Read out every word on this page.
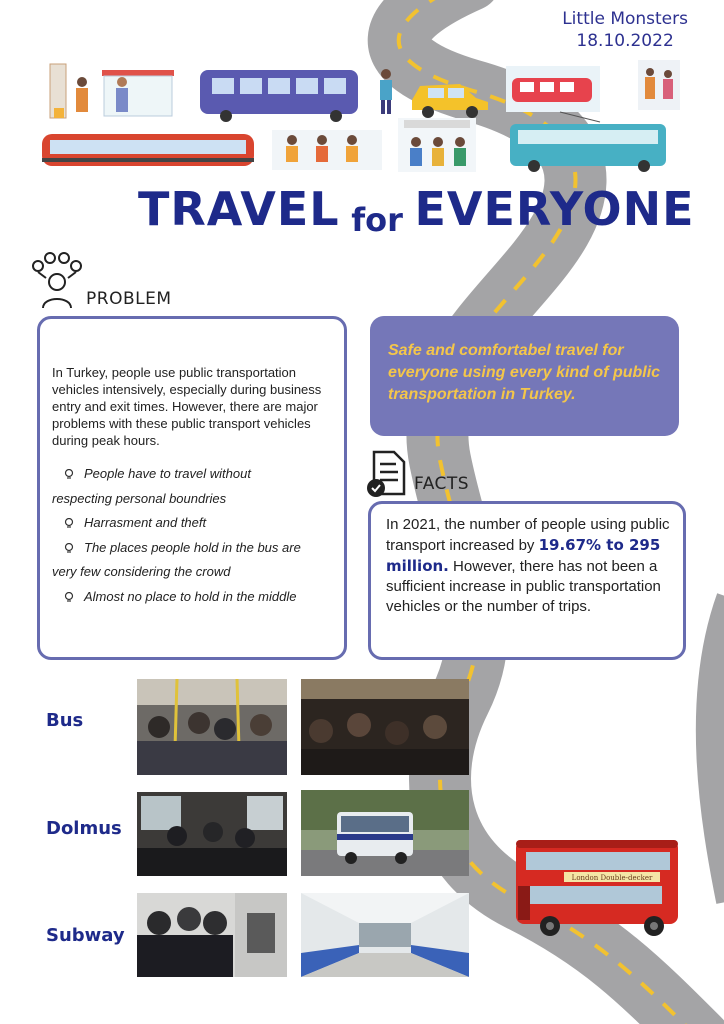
Little Monsters
18.10.2022
TRAVEL for EVERYONE
PROBLEM
In Turkey, people use public transportation vehicles intensively, especially during business entry and exit times. However, there are major problems with these public transport vehicles during peak hours.
People have to travel without
respecting personal boundries
Harrasment and theft
The places people hold in the bus are
very few considering the crowd
Almost no place to hold in the middle
Safe and comfortabel travel for everyone using every kind of public transportation in Turkey.
FACTS
In 2021, the number of people using public transport increased by 19.67% to 295 million. However, there has not been a sufficient increase in public transportation vehicles or the number of trips.
Bus
Dolmus
Subway
London Double-decker
